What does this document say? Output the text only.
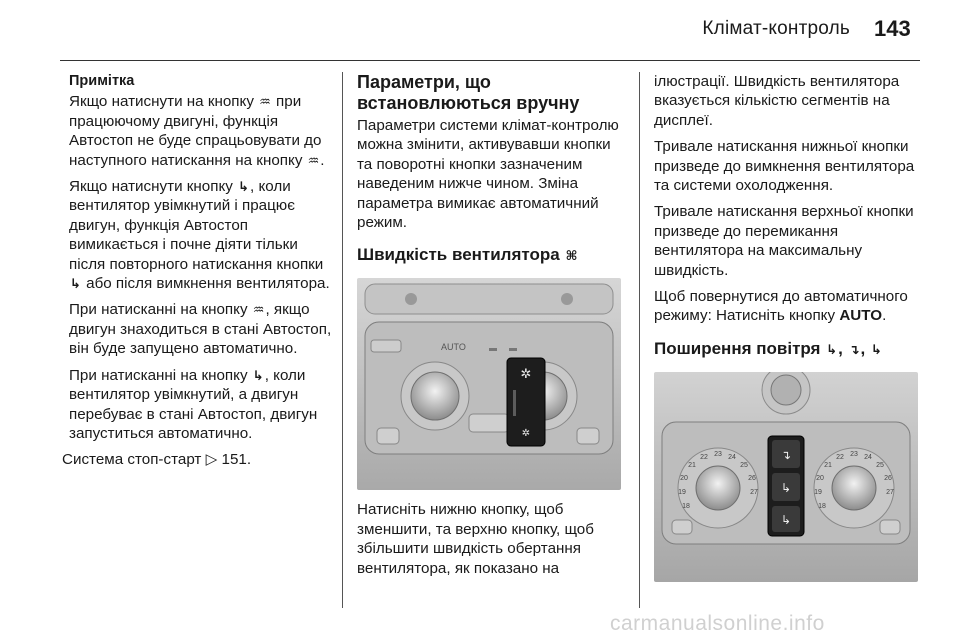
Клімат-контроль 143
Примітка

Якщо натиснути на кнопку ♒ при працюючому двигуні, функція Автостоп не буде спрацьовувати до наступного натискання на кнопку ♒.

Якщо натиснути кнопку ↳, коли вентилятор увімкнутий і працює двигун, функція Автостоп вимикається і почне діяти тільки після повторного натискання кнопки ↳ або після вимкнення вентилятора.

При натисканні на кнопку ♒, якщо двигун знаходиться в стані Автостоп, він буде запущено автоматично.

При натисканні на кнопку ↳, коли вентилятор увімкнутий, а двигун перебуває в стані Автостоп, двигун запуститься автоматично.

Система стоп-старт ▷ 151.

Параметри, що встановлюються вручну

Параметри системи клімат-контролю можна змінити, активувавши кнопки та поворотні кнопки зазначеним наведеним нижче чином. Зміна параметра вимикає автоматичний режим.

Швидкість вентилятора ⌘
AUTO
✲
✲

Натисніть нижню кнопку, щоб зменшити, та верхню кнопку, щоб збільшити швидкість обертання вентилятора, як показано на

ілюстрації. Швидкість вентилятора вказується кількістю сегментів на дисплеї.

Тривале натискання нижньої кнопки призведе до вимкнення вентилятора та системи охолодження.

Тривале натискання верхньої кнопки призведе до перемикання вентилятора на максимальну швидкість.

Щоб повернутися до автоматичного режиму: Натисніть кнопку AUTO.

Поширення повітря ↳, ↴, ↳
23
22	24
21	25
23
22	24
21	25
20	26	20	26
19	27	19	27
18	18
↴
↳
↳
carmanualsonline.info
